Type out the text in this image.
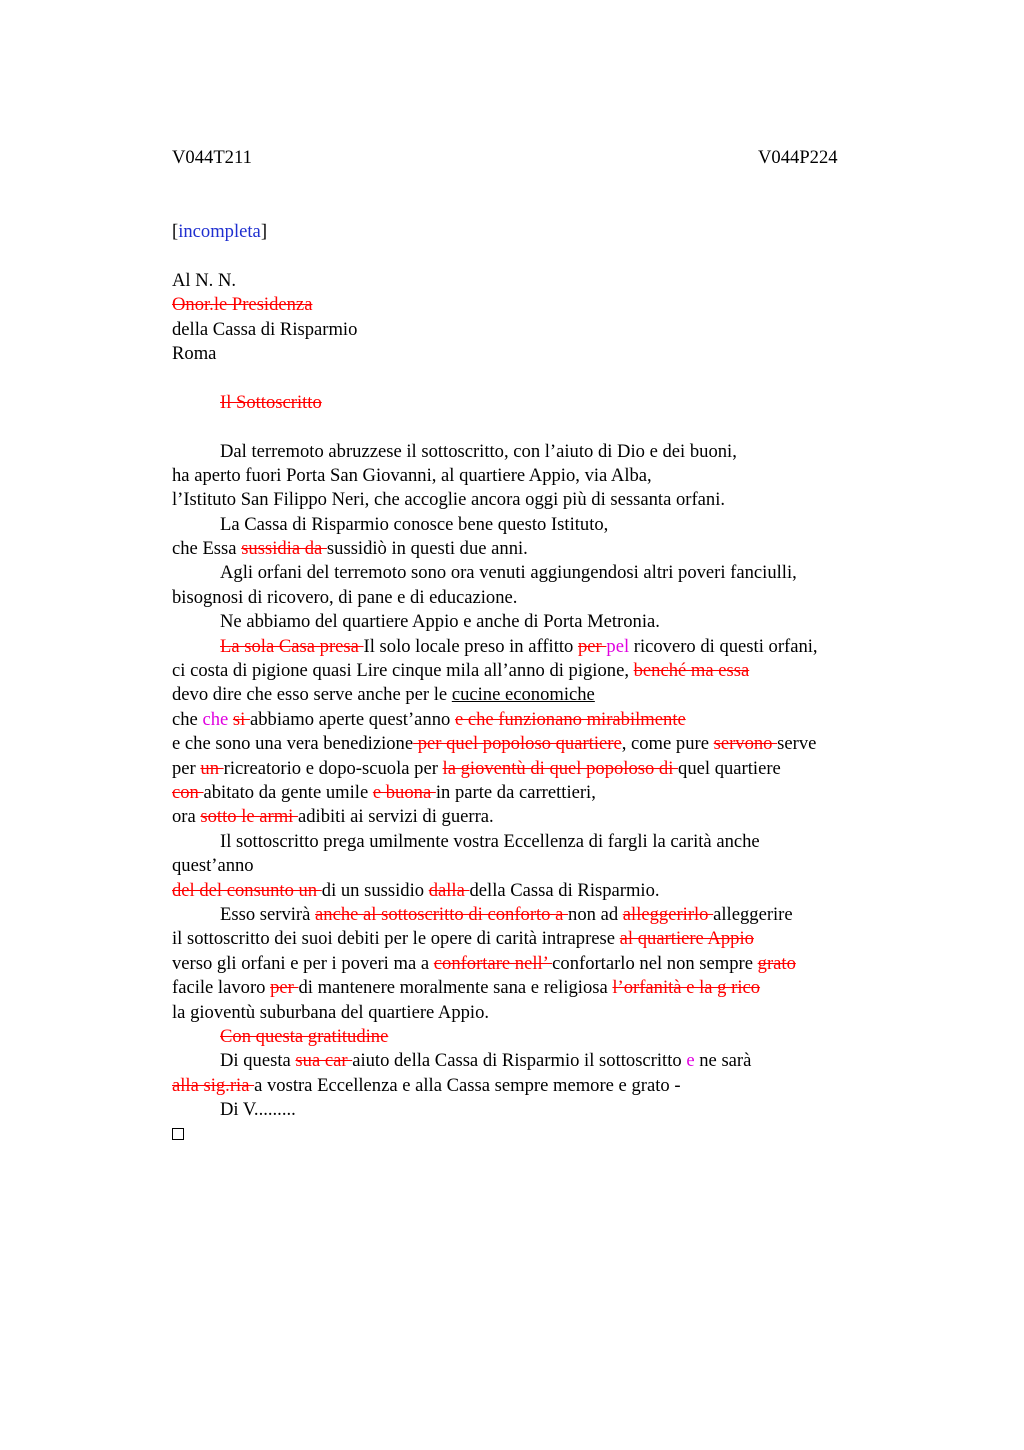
V044T211	V044P224
[incompleta]
Al N. N.
Onor.le Presidenza
della Cassa di Risparmio
Roma
Il Sottoscritto
Dal terremoto abruzzese il sottoscritto, con l’aiuto di Dio e dei buoni,
ha aperto fuori Porta San Giovanni, al quartiere Appio, via Alba,
l’Istituto San Filippo Neri, che accoglie ancora oggi più di sessanta orfani.
La Cassa di Risparmio conosce bene questo Istituto,
che Essa sussidia da sussidiò in questi due anni.
Agli orfani del terremoto sono ora venuti aggiungendosi altri poveri fanciulli,
bisognosi di ricovero, di pane e di educazione.
Ne abbiamo del quartiere Appio e anche di Porta Metronia.
La sola Casa presa Il solo locale preso in affitto per pel ricovero di questi orfani,
ci costa di pigione quasi Lire cinque mila all’anno di pigione, benché ma essa
devo dire che esso serve anche per le cucine economiche
che che si abbiamo aperte quest’anno e che funzionano mirabilmente
e che sono una vera benedizione per quel popoloso quartiere, come pure servono serve
per un ricreatorio e dopo-scuola per la gioventù di quel popoloso di quel quartiere
con abitato da gente umile e buona in parte da carrettieri,
ora sotto le armi adibiti ai servizi di guerra.
Il sottoscritto prega umilmente vostra Eccellenza di fargli la carità anche
quest’anno
del del consunto un di un sussidio dalla della Cassa di Risparmio.
Esso servirà anche al sottoscritto di conforto a non ad alleggerirlo alleggerire
il sottoscritto dei suoi debiti per le opere di carità intraprese al quartiere Appio
verso gli orfani e per i poveri ma a confortare nell’ confortarlo nel non sempre grato
facile lavoro per di mantenere moralmente sana e religiosa l’orfanità e la g rico
la gioventù suburbana del quartiere Appio.
Con questa gratitudine
Di questa sua car aiuto della Cassa di Risparmio il sottoscritto e ne sarà
alla sig.ria a vostra Eccellenza e alla Cassa sempre memore e grato -
Di V.........
